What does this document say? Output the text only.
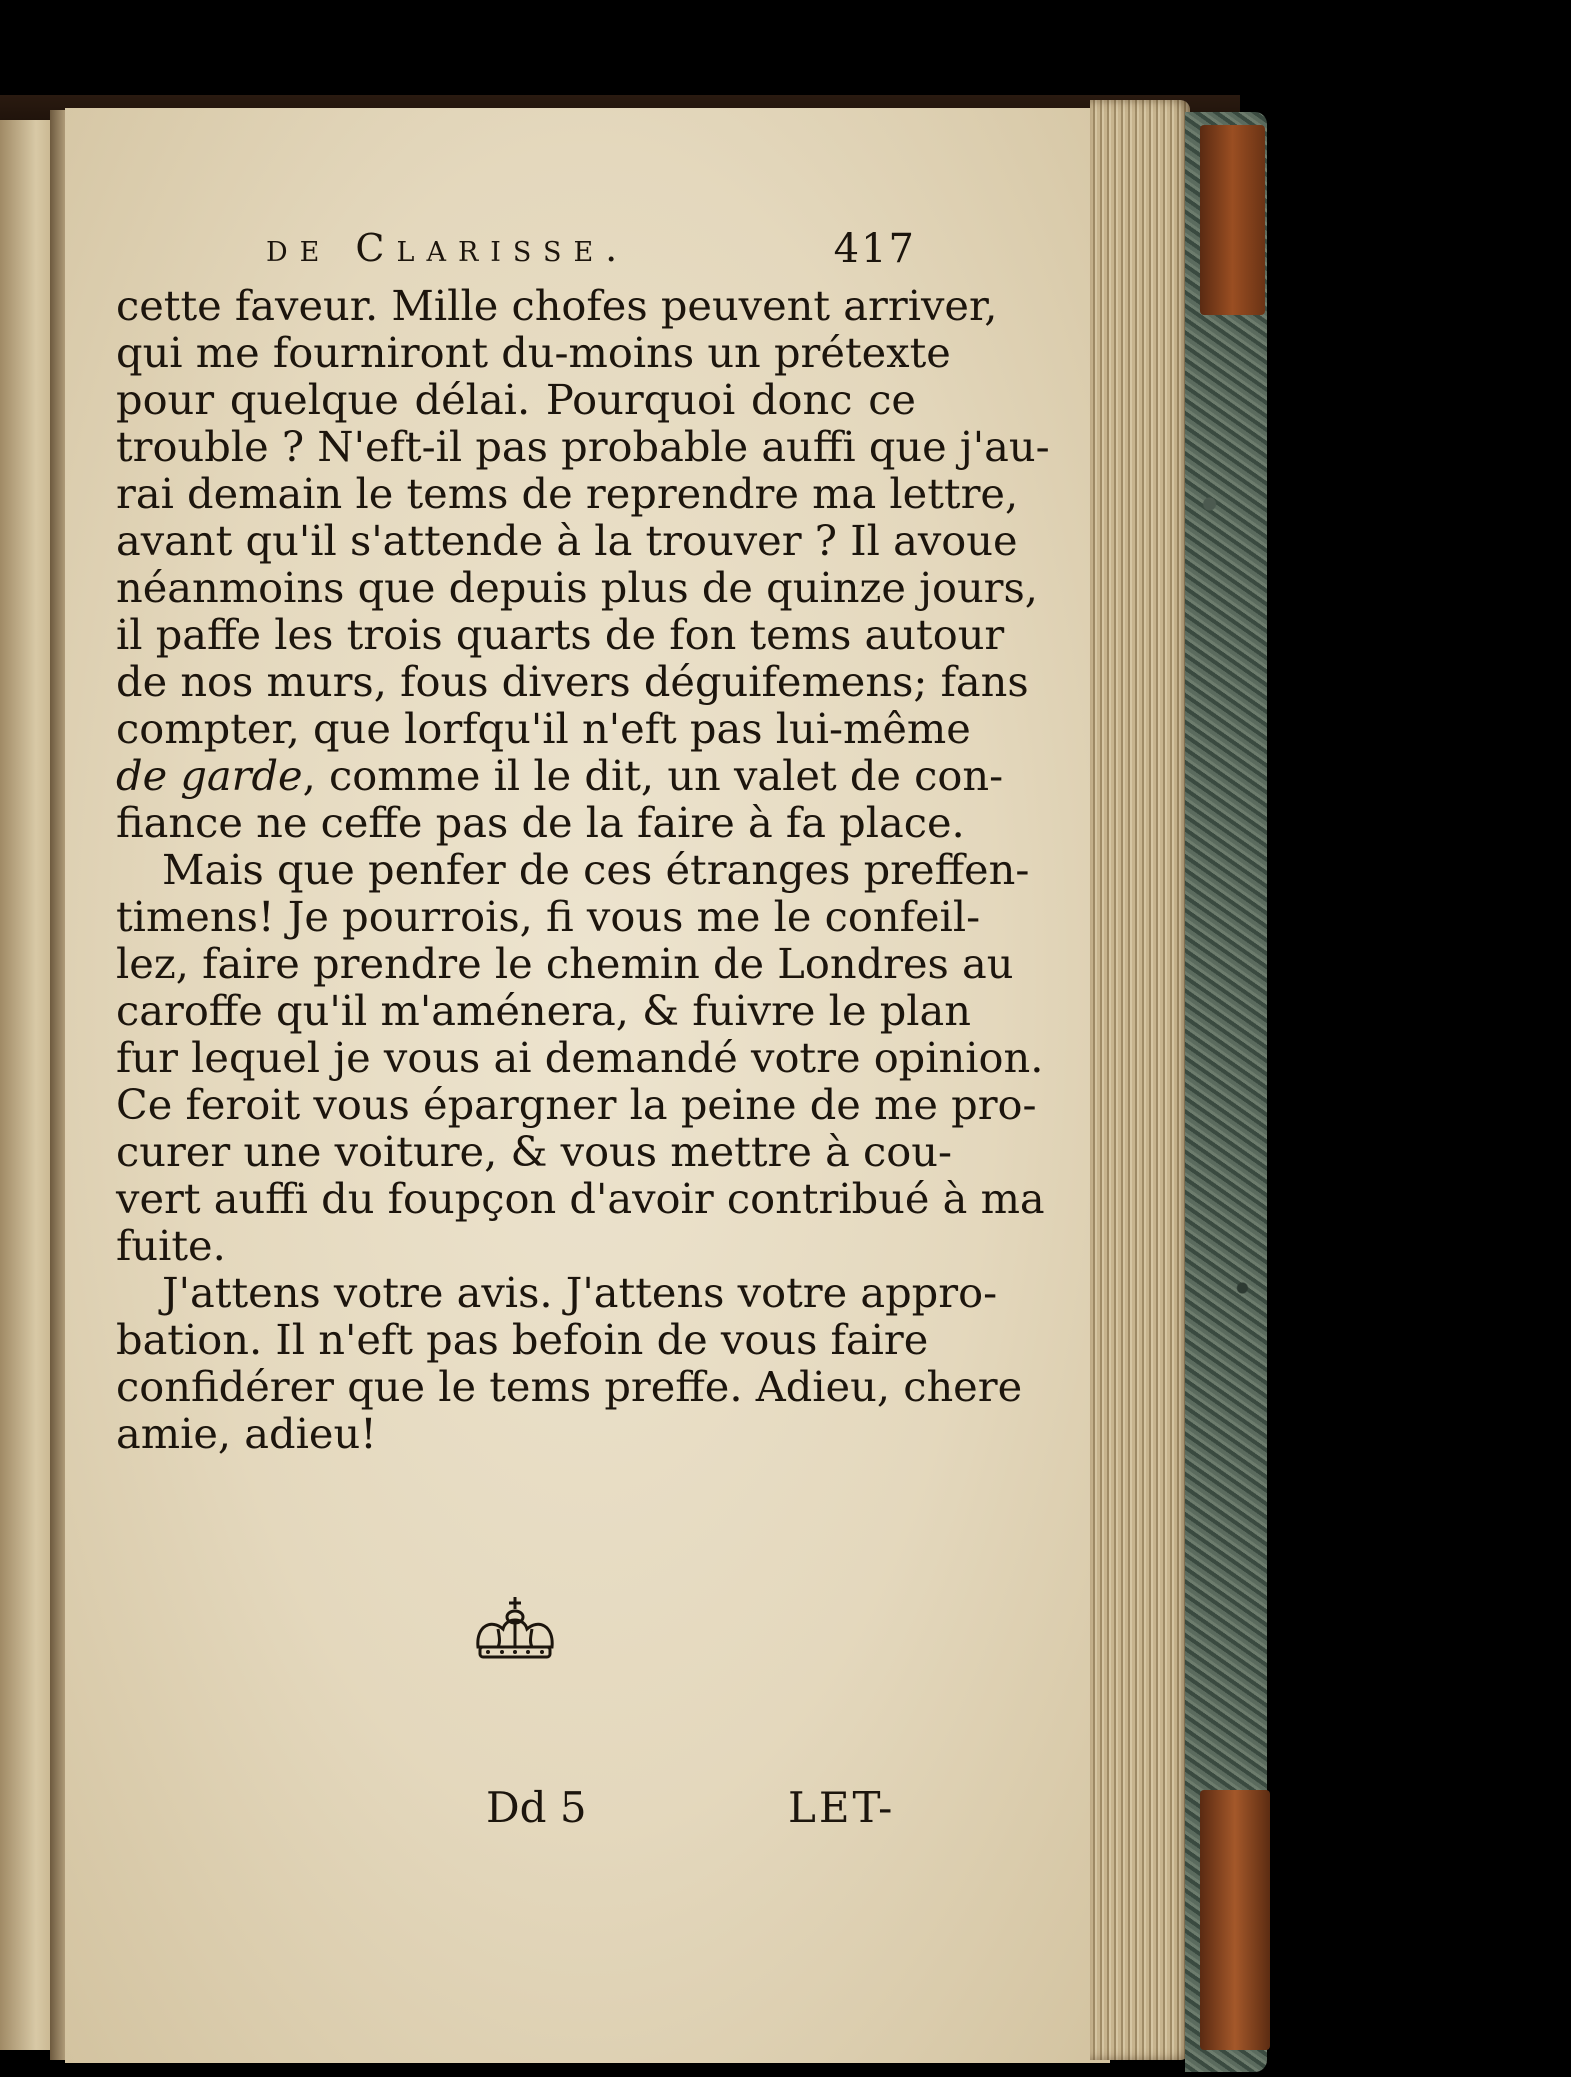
de Clarisse.	417
cette faveur. Mille chofes peuvent arriver,
qui me fourniront du-moins un prétexte
pour quelque délai. Pourquoi donc ce
trouble ? N'eft-il pas probable auffi que j'au-
rai demain le tems de reprendre ma lettre,
avant qu'il s'attende à la trouver ? Il avoue
néanmoins que depuis plus de quinze jours,
il paffe les trois quarts de fon tems autour
de nos murs, fous divers déguifemens; fans
compter, que lorfqu'il n'eft pas lui-même
de garde, comme il le dit, un valet de con-
fiance ne ceffe pas de la faire à fa place.
Mais que penfer de ces étranges preffen-
timens! Je pourrois, fi vous me le confeil-
lez, faire prendre le chemin de Londres au
caroffe qu'il m'aménera, & fuivre le plan
fur lequel je vous ai demandé votre opinion.
Ce feroit vous épargner la peine de me pro-
curer une voiture, & vous mettre à cou-
vert auffi du foupçon d'avoir contribué à ma
fuite.
J'attens votre avis. J'attens votre appro-
bation. Il n'eft pas befoin de vous faire
confidérer que le tems preffe. Adieu, chere
amie, adieu!
Dd 5	LET-
